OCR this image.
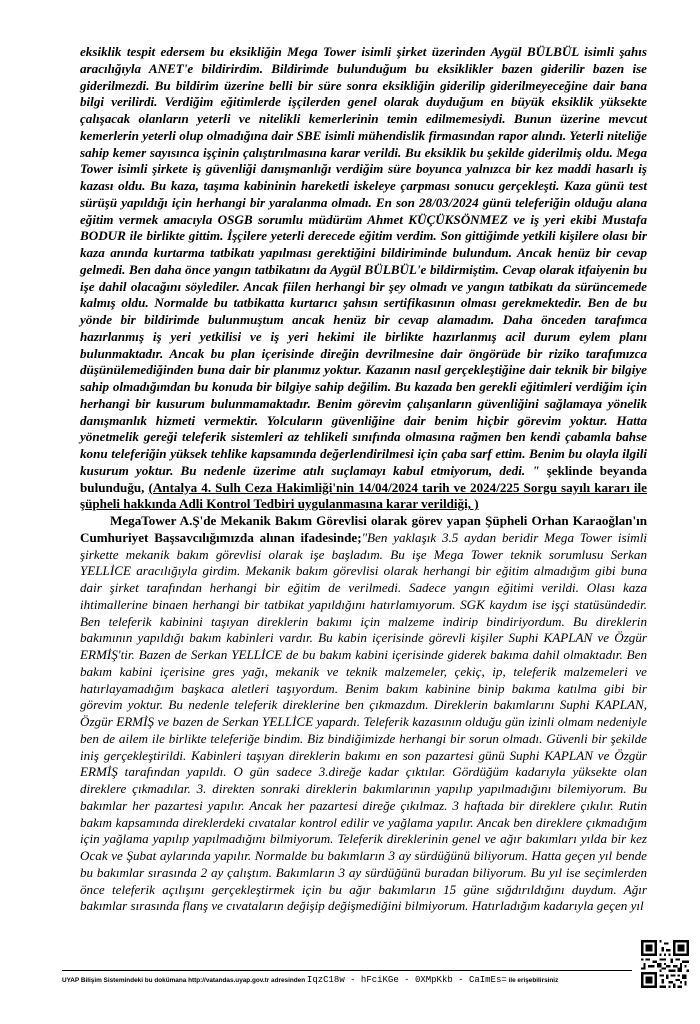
eksiklik tespit edersem bu eksikliğin Mega Tower isimli şirket üzerinden Aygül BÜLBÜL isimli şahıs aracılığıyla ANET'e bildirirdim. Bildirimde bulunduğum bu eksiklikler bazen giderilir bazen ise giderilmezdi. Bu bildirim üzerine belli bir süre sonra eksikliğin giderilip giderilmeyeceğine dair bana bilgi verilirdi. Verdiğim eğitimlerde işçilerden genel olarak duyduğum en büyük eksiklik yüksekte çalışacak olanların yeterli ve nitelikli kemerlerinin temin edilmemesiydi. Bunun üzerine mevcut kemerlerin yeterli olup olmadığına dair SBE isimli mühendislik firmasından rapor alındı. Yeterli niteliğe sahip kemer sayısınca işçinin çalıştırılmasına karar verildi. Bu eksiklik bu şekilde giderilmiş oldu. Mega Tower isimli şirkete iş güvenliği danışmanlığı verdiğim süre boyunca yalnızca bir kez maddi hasarlı iş kazası oldu. Bu kaza, taşıma kabininin hareketli iskeleye çarpması sonucu gerçekleşti. Kaza günü test sürüşü yapıldığı için herhangi bir yaralanma olmadı. En son 28/03/2024 günü teleferiğin olduğu alana eğitim vermek amacıyla OSGB sorumlu müdürüm Ahmet KÜÇÜKSÖNMEZ ve iş yeri ekibi Mustafa BODUR ile birlikte gittim. İşçilere yeterli derecede eğitim verdim. Son gittiğimde yetkili kişilere olası bir kaza anında kurtarma tatbikatı yapılması gerektiğini bildiriminde bulundum. Ancak henüz bir cevap gelmedi. Ben daha önce yangın tatbikatını da Aygül BÜLBÜL'e bildirmiştim. Cevap olarak itfaiyenin bu işe dahil olacağını söylediler. Ancak fiilen herhangi bir şey olmadı ve yangın tatbikatı da sürüncemede kalmış oldu. Normalde bu tatbikatta kurtarıcı şahsın sertifikasının olması gerekmektedir. Ben de bu yönde bir bildirimde bulunmuştum ancak henüz bir cevap alamadım. Daha önceden tarafımca hazırlanmış iş yeri yetkilisi ve iş yeri hekimi ile birlikte hazırlanmış acil durum eylem planı bulunmaktadır. Ancak bu plan içerisinde direğin devrilmesine dair öngörüde bir riziko tarafımızca düşünülemediğinden buna dair bir planımız yoktur. Kazanın nasıl gerçekleştiğine dair teknik bir bilgiye sahip olmadığımdan bu konuda bir bilgiye sahip değilim. Bu kazada ben gerekli eğitimleri verdiğim için herhangi bir kusurum bulunmamaktadır. Benim görevim çalışanların güvenliğini sağlamaya yönelik danışmanlık hizmeti vermektir. Yolcuların güvenliğine dair benim hiçbir görevim yoktur. Hatta yönetmelik gereği teleferik sistemleri az tehlikeli sınıfında olmasına rağmen ben kendi çabamla bahse konu teleferiğin yüksek tehlike kapsamında değerlendirilmesi için çaba sarf ettim. Benim bu olayla ilgili kusurum yoktur. Bu nedenle üzerime atılı suçlamayı kabul etmiyorum, dedi. " şeklinde beyanda bulunduğu, (Antalya 4. Sulh Ceza Hakimliği'nin 14/04/2024 tarih ve 2024/225 Sorgu sayılı kararı ile şüpheli hakkında Adli Kontrol Tedbiri uygulanmasına karar verildiği, )

MegaTower A.Ş'de Mekanik Bakım Görevlisi olarak görev yapan Şüpheli Orhan Karaoğlan'ın Cumhuriyet Başsavcılığımızda alınan ifadesinde;"Ben yaklaşık 3.5 aydan beridir Mega Tower isimli şirkette mekanik bakım görevlisi olarak işe başladım. Bu işe Mega Tower teknik sorumlusu Serkan YELLİCE aracılığıyla girdim. Mekanik bakım görevlisi olarak herhangi bir eğitim almadığım gibi buna dair şirket tarafından herhangi bir eğitim de verilmedi. Sadece yangın eğitimi verildi. Olası kaza ihtimallerine binaen herhangi bir tatbikat yapıldığını hatırlamıyorum. SGK kaydım ise işçi statüsündedir. Ben teleferik kabinini taşıyan direklerin bakımı için malzeme indirip bindiriyordum. Bu direklerin bakımının yapıldığı bakım kabinleri vardır. Bu kabin içerisinde görevli kişiler Suphi KAPLAN ve Özgür ERMİŞ'tir. Bazen de Serkan YELLİCE de bu bakım kabini içerisinde giderek bakıma dahil olmaktadır. Ben bakım kabini içerisine gres yağı, mekanik ve teknik malzemeler, çekiç, ip, teleferik malzemeleri ve hatırlayamadığım başkaca aletleri taşıyordum. Benim bakım kabinine binip bakıma katılma gibi bir görevim yoktur. Bu nedenle teleferik direklerine ben çıkmazdım. Direklerin bakımlarını Suphi KAPLAN, Özgür ERMİŞ ve bazen de Serkan YELLİCE yapardı. Teleferik kazasının olduğu gün izinli olmam nedeniyle ben de ailem ile birlikte teleferiğe bindim. Biz bindiğimizde herhangi bir sorun olmadı. Güvenli bir şekilde iniş gerçekleştirildi. Kabinleri taşıyan direklerin bakımı en son pazartesi günü Suphi KAPLAN ve Özgür ERMİŞ tarafından yapıldı. O gün sadece 3.direğe kadar çıktılar. Gördüğüm kadarıyla yüksekte olan direklere çıkmadılar. 3. direkten sonraki direklerin bakımlarının yapılıp yapılmadığını bilemiyorum. Bu bakımlar her pazartesi yapılır. Ancak her pazartesi direğe çıkılmaz. 3 haftada bir direklere çıkılır. Rutin bakım kapsamında direklerdeki cıvatalar kontrol edilir ve yağlama yapılır. Ancak ben direklere çıkmadığım için yağlama yapılıp yapılmadığını bilmiyorum. Teleferik direklerinin genel ve ağır bakımları yılda bir kez Ocak ve Şubat aylarında yapılır. Normalde bu bakımların 3 ay sürdüğünü biliyorum. Hatta geçen yıl bende bu bakımlar sırasında 2 ay çalıştım. Bakımların 3 ay sürdüğünü buradan biliyorum. Bu yıl ise seçimlerden önce teleferik açılışını gerçekleştirmek için bu ağır bakımların 15 güne sığdırıldığını duydum. Ağır bakımlar sırasında flanş ve cıvataların değişip değişmediğini bilmiyorum. Hatırladığım kadarıyla geçen yıl

UYAP Bilişim Sistemindeki bu dokümana http://vatandas.uyap.gov.tr adresinden IqzC18w - hFciKGe - 0XMpKkb - CaImEs= ile erişebilirsiniz
